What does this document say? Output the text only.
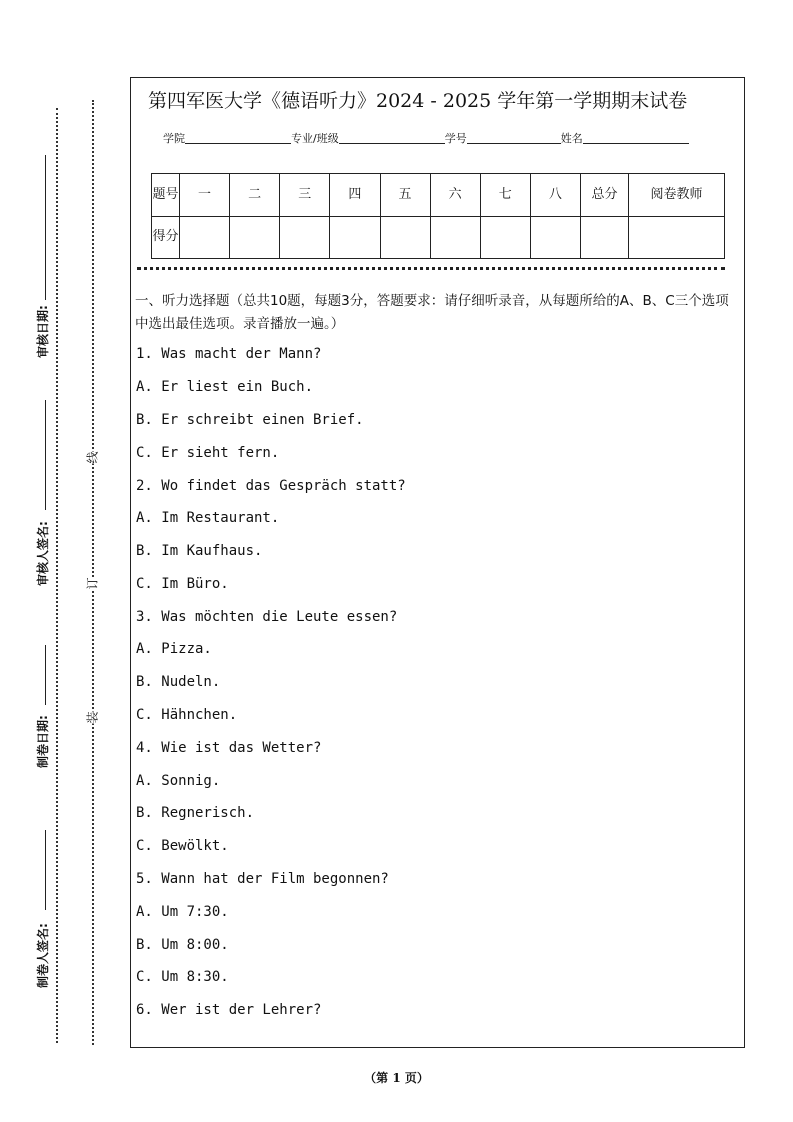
审核日期:
审核人签名:
制卷日期:
制卷人签名:
线
订
装
第四军医大学《德语听力》2024 - 2025 学年第一学期期末试卷
学院	专业/班级	学号	姓名
题号	一	二	三	四	五	六	七	八	总分	阅卷教师
得分										
一、听力选择题（总共10题，每题3分，答题要求：请仔细听录音，从每题所给的A、B、C三个选项中选出最佳选项。录音播放一遍。）
1. Was macht der Mann?
A. Er liest ein Buch.
B. Er schreibt einen Brief.
C. Er sieht fern.
2. Wo findet das Gespräch statt?
A. Im Restaurant.
B. Im Kaufhaus.
C. Im Büro.
3. Was möchten die Leute essen?
A. Pizza.
B. Nudeln.
C. Hähnchen.
4. Wie ist das Wetter?
A. Sonnig.
B. Regnerisch.
C. Bewölkt.
5. Wann hat der Film begonnen?
A. Um 7:30.
B. Um 8:00.
C. Um 8:30.
6. Wer ist der Lehrer?
（第 1 页）
